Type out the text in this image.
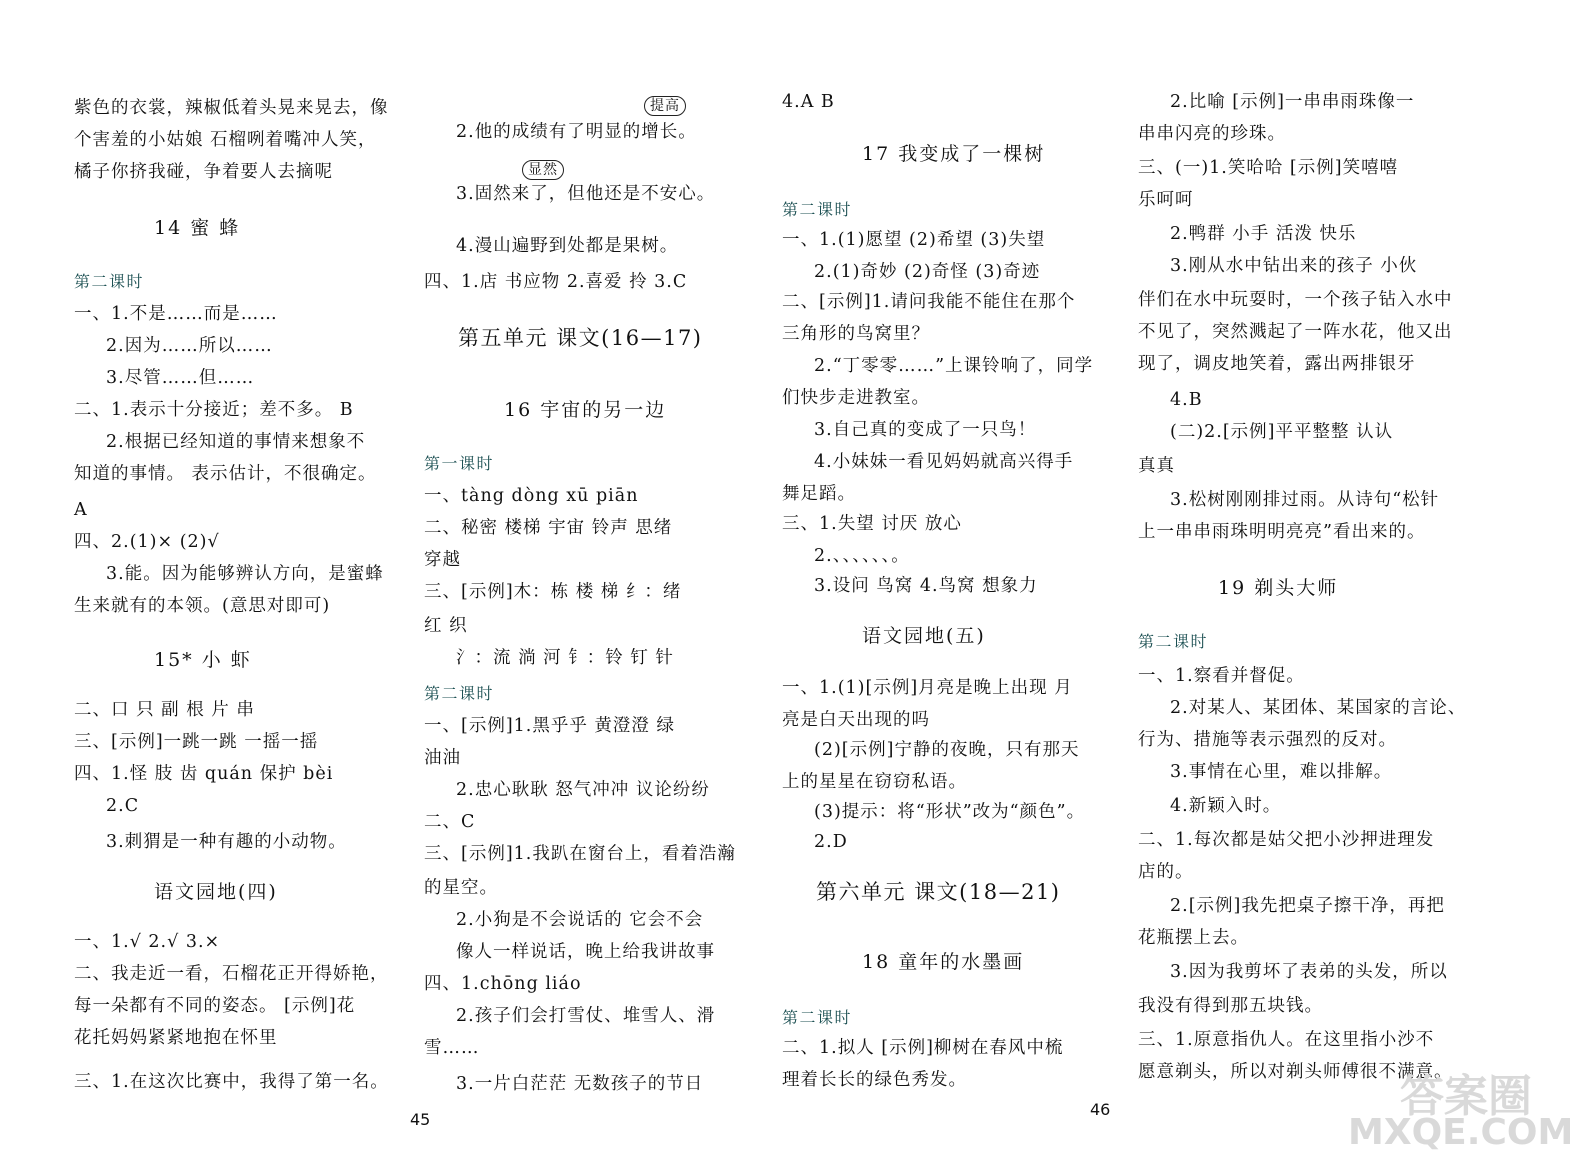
紫色的衣裳，辣椒低着头晃来晃去，像
个害羞的小姑娘 石榴咧着嘴冲人笑，
橘子你挤我碰，争着要人去摘呢
14 蜜 蜂
第二课时
一、1.不是……而是……
2.因为……所以……
3.尽管……但……
二、1.表示十分接近；差不多。 B
2.根据已经知道的事情来想象不
知道的事情。 表示估计，不很确定。
A
四、2.(1)× (2)√
3.能。因为能够辨认方向，是蜜蜂
生来就有的本领。(意思对即可)
15* 小 虾
二、口 只 副 根 片 串
三、[示例]一跳一跳 一摇一摇
四、1.怪 肢 齿 quán 保护 bèi
2.C
3.刺猬是一种有趣的小动物。
语文园地(四)
一、1.√ 2.√ 3.×
二、我走近一看，石榴花正开得娇艳，
每一朵都有不同的姿态。 [示例]花
花托妈妈紧紧地抱在怀里
三、1.在这次比赛中，我得了第一名。
2.他的成绩有了明显的增长。
3.固然来了，但他还是不安心。
4.漫山遍野到处都是果树。
四、1.店 书应物 2.喜爱 拎 3.C
第五单元 课文(16—17)
16 宇宙的另一边
第一课时
一、tàng dòng xū piān
二、秘密 楼梯 宇宙 铃声 思绪
穿越
三、[示例]木：栋 楼 梯 纟：绪
红 织
氵：流 淌 河 钅：铃 钉 针
第二课时
一、[示例]1.黑乎乎 黄澄澄 绿
油油
2.忠心耿耿 怒气冲冲 议论纷纷
二、C
三、[示例]1.我趴在窗台上，看着浩瀚
的星空。
2.小狗是不会说话的 它会不会
像人一样说话，晚上给我讲故事
四、1.chōng liáo
2.孩子们会打雪仗、堆雪人、滑
雪……
3.一片白茫茫 无数孩子的节日
提高
显然
4.A B
17 我变成了一棵树
第二课时
一、1.(1)愿望 (2)希望 (3)失望
2.(1)奇妙 (2)奇怪 (3)奇迹
二、[示例]1.请问我能不能住在那个
三角形的鸟窝里？
2.“丁零零……”上课铃响了，同学
们快步走进教室。
3.自己真的变成了一只鸟！
4.小妹妹一看见妈妈就高兴得手
舞足蹈。
三、1.失望 讨厌 放心
2.、、、、、、。
3.设问 鸟窝 4.鸟窝 想象力
语文园地(五)
一、1.(1)[示例]月亮是晚上出现 月
亮是白天出现的吗
(2)[示例]宁静的夜晚，只有那天
上的星星在窃窃私语。
(3)提示：将“形状”改为“颜色”。
2.D
第六单元 课文(18—21)
18 童年的水墨画
第二课时
二、1.拟人 [示例]柳树在春风中梳
理着长长的绿色秀发。
2.比喻 [示例]一串串雨珠像一
串串闪亮的珍珠。
三、(一)1.笑哈哈 [示例]笑嘻嘻
乐呵呵
2.鸭群 小手 活泼 快乐
3.刚从水中钻出来的孩子 小伙
伴们在水中玩耍时，一个孩子钻入水中
不见了，突然溅起了一阵水花，他又出
现了，调皮地笑着，露出两排银牙
4.B
(二)2.[示例]平平整整 认认
真真
3.松树刚刚排过雨。从诗句“松针
上一串串雨珠明明亮亮”看出来的。
19 剃头大师
第二课时
一、1.察看并督促。
2.对某人、某团体、某国家的言论、
行为、措施等表示强烈的反对。
3.事情在心里，难以排解。
4.新颖入时。
二、1.每次都是姑父把小沙押进理发
店的。
2.[示例]我先把桌子擦干净，再把
花瓶摆上去。
3.因为我剪坏了表弟的头发，所以
我没有得到那五块钱。
三、1.原意指仇人。在这里指小沙不
愿意剃头，所以对剃头师傅很不满意。
45
46	答案圈
MXQE.COM
